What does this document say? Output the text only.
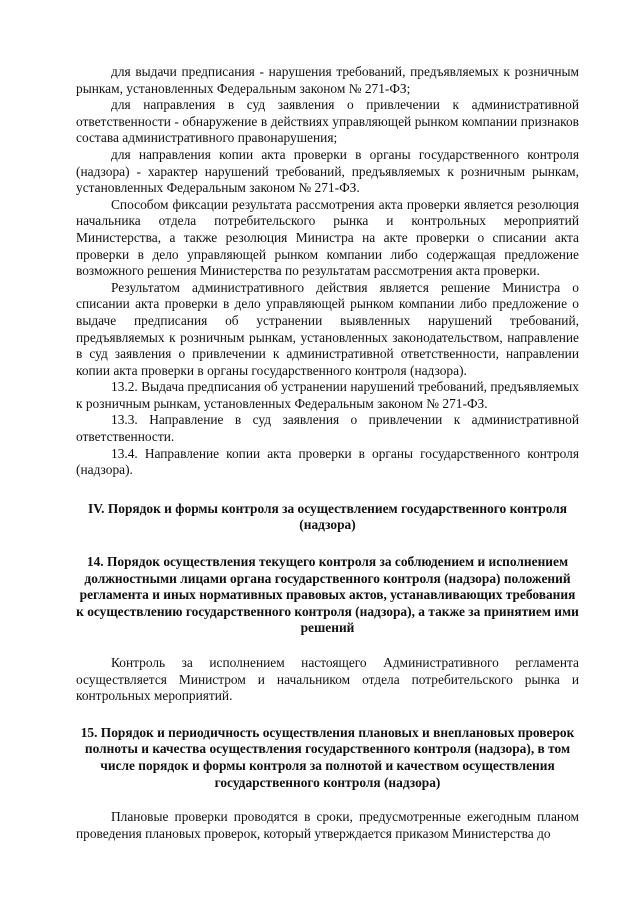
для выдачи предписания - нарушения требований, предъявляемых к розничным рынкам, установленных Федеральным законом № 271-ФЗ;

для направления в суд заявления о привлечении к административной ответственности - обнаружение в действиях управляющей рынком компании признаков состава административного правонарушения;

для направления копии акта проверки в органы государственного контроля (надзора) - характер нарушений требований, предъявляемых к розничным рынкам, установленных Федеральным законом № 271-ФЗ.

Способом фиксации результата рассмотрения акта проверки является резолюция начальника отдела потребительского рынка и контрольных мероприятий Министерства, а также резолюция Министра на акте проверки о списании акта проверки в дело управляющей рынком компании либо содержащая предложение возможного решения Министерства по результатам рассмотрения акта проверки.

Результатом административного действия является решение Министра о списании акта проверки в дело управляющей рынком компании либо предложение о выдаче предписания об устранении выявленных нарушений требований, предъявляемых к розничным рынкам, установленных законодательством, направление в суд заявления о привлечении к административной ответственности, направлении копии акта проверки в органы государственного контроля (надзора).

13.2. Выдача предписания об устранении нарушений требований, предъявляемых к розничным рынкам, установленных Федеральным законом № 271-ФЗ.

13.3. Направление в суд заявления о привлечении к административной ответственности.

13.4. Направление копии акта проверки в органы государственного контроля (надзора).

IV. Порядок и формы контроля за осуществлением государственного контроля (надзора)

14. Порядок осуществления текущего контроля за соблюдением и исполнением должностными лицами органа государственного контроля (надзора) положений регламента и иных нормативных правовых актов, устанавливающих требования к осуществлению государственного контроля (надзора), а также за принятием ими решений

Контроль за исполнением настоящего Административного регламента осуществляется Министром и начальником отдела потребительского рынка и контрольных мероприятий.

15. Порядок и периодичность осуществления плановых и внеплановых проверок полноты и качества осуществления государственного контроля (надзора), в том числе порядок и формы контроля за полнотой и качеством осуществления государственного контроля (надзора)

Плановые проверки проводятся в сроки, предусмотренные ежегодным планом проведения плановых проверок, который утверждается приказом Министерства до
